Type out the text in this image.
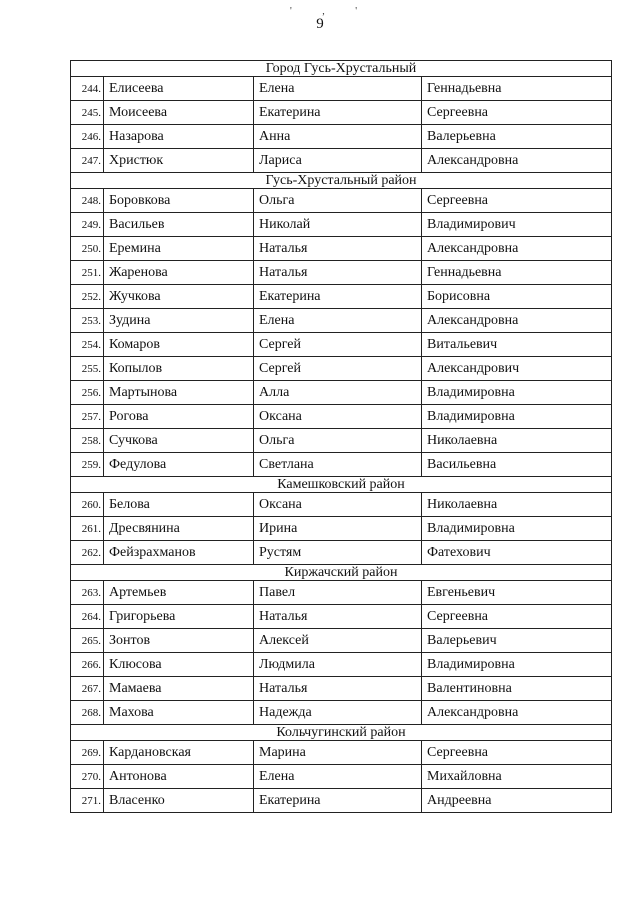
' , '
9
Город Гусь-Хрустальный			
244.	Елисеева	Елена	Геннадьевна
245.	Моисеева	Екатерина	Сергеевна
246.	Назарова	Анна	Валерьевна
247.	Христюк	Лариса	Александровна
Гусь-Хрустальный район			
248.	Боровкова	Ольга	Сергеевна
249.	Васильев	Николай	Владимирович
250.	Еремина	Наталья	Александровна
251.	Жаренова	Наталья	Геннадьевна
252.	Жучкова	Екатерина	Борисовна
253.	Зудина	Елена	Александровна
254.	Комаров	Сергей	Витальевич
255.	Копылов	Сергей	Александрович
256.	Мартынова	Алла	Владимировна
257.	Рогова	Оксана	Владимировна
258.	Сучкова	Ольга	Николаевна
259.	Федулова	Светлана	Васильевна
Камешковский район			
260.	Белова	Оксана	Николаевна
261.	Дресвянина	Ирина	Владимировна
262.	Фейзрахманов	Рустям	Фатехович
Киржачский район			
263.	Артемьев	Павел	Евгеньевич
264.	Григорьева	Наталья	Сергеевна
265.	Зонтов	Алексей	Валерьевич
266.	Клюсова	Людмила	Владимировна
267.	Мамаева	Наталья	Валентиновна
268.	Махова	Надежда	Александровна
Кольчугинский район			
269.	Кардановская	Марина	Сергеевна
270.	Антонова	Елена	Михайловна
271.	Власенко	Екатерина	Андреевна
